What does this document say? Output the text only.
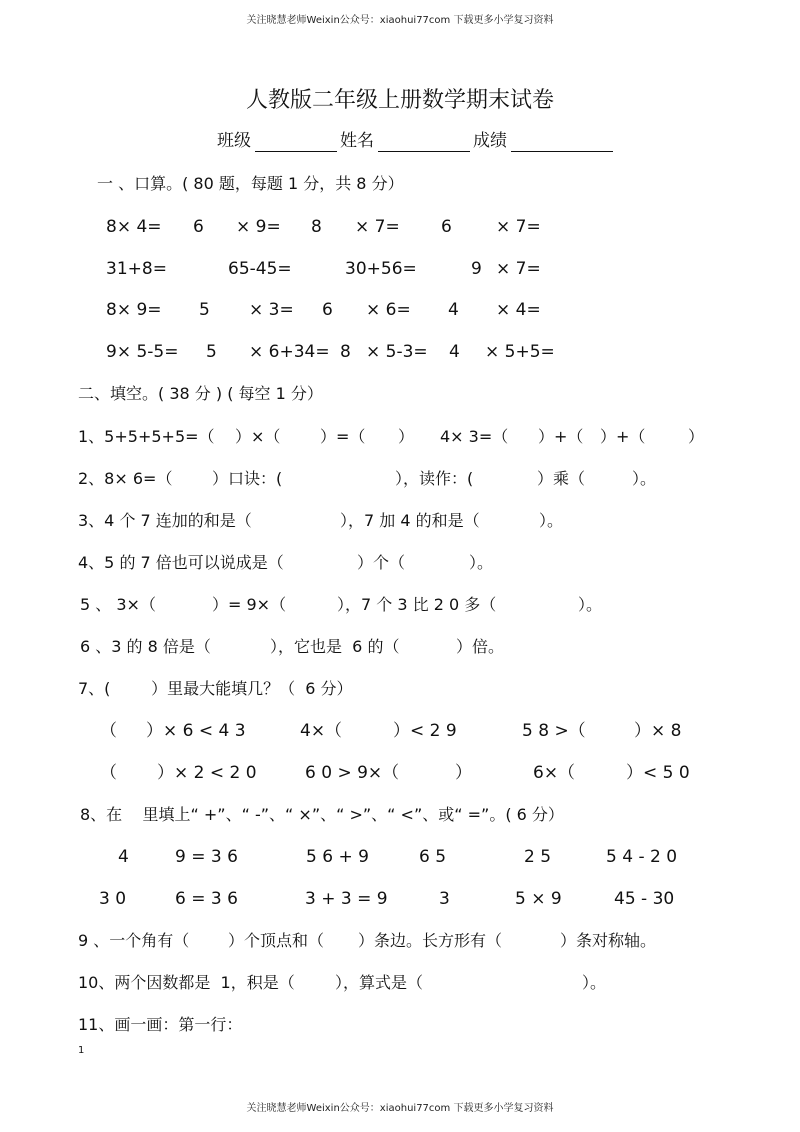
关注晓慧老师Weixin公众号：xiaohui77com 下载更多小学复习资料
人教版二年级上册数学期末试卷
班级	姓名	成绩
一 、口算。( 80 题，每题 1 分，共 8 分）
8× 4= 6 × 9= 8 × 7= 6	× 7=
31+8=	65-45=	30+56=	9 × 7=
8× 9= 5 × 3= 6 × 6= 4 × 4=
9× 5-5= 5 × 6+34= 8 × 5-3= 4 × 5+5=
二、填空。( 38 分 ) ( 每空 1 分）
1、5+5+5+5=（ ）×（ ）=（ ） 4× 3=（ ）+（ ）+（	）
2、8× 6=（ ）口诀：(	），读作：(	）乘（	）。
3、4 个 7 连加的和是（	），7 加 4 的和是（	）。
4、5 的 7 倍也可以说成是（	）个（	）。
5 、 3×（	）= 9×（	），7 个 3 比 2 0 多（	）。
6 、3 的 8 倍是（	），它也是  6 的（	）倍。
7、(        ）里最大能填几？（  6 分）
（ ）× 6 < 4 3	4×（	）< 2 9	5 8 >（	）× 8
（ ）× 2 < 2 0	6 0 > 9×（	）	6×（	）< 5 0
8、在    里填上“ +”、“ -”、“ ×”、“ >”、“ <”、或“ =”。( 6 分）
4	9 = 3 6	5 6 + 9	6 5	2 5	5 4 - 2 0
3 0	6 = 3 6	3 + 3 = 9	3	5 × 9	45 - 30
9 、一个角有（ ）个顶点和（ ）条边。长方形有（	）条对称轴。
10、两个因数都是  1，积是（	），算式是（	）。
11、画一画：第一行：
1
关注晓慧老师Weixin公众号：xiaohui77com 下载更多小学复习资料
